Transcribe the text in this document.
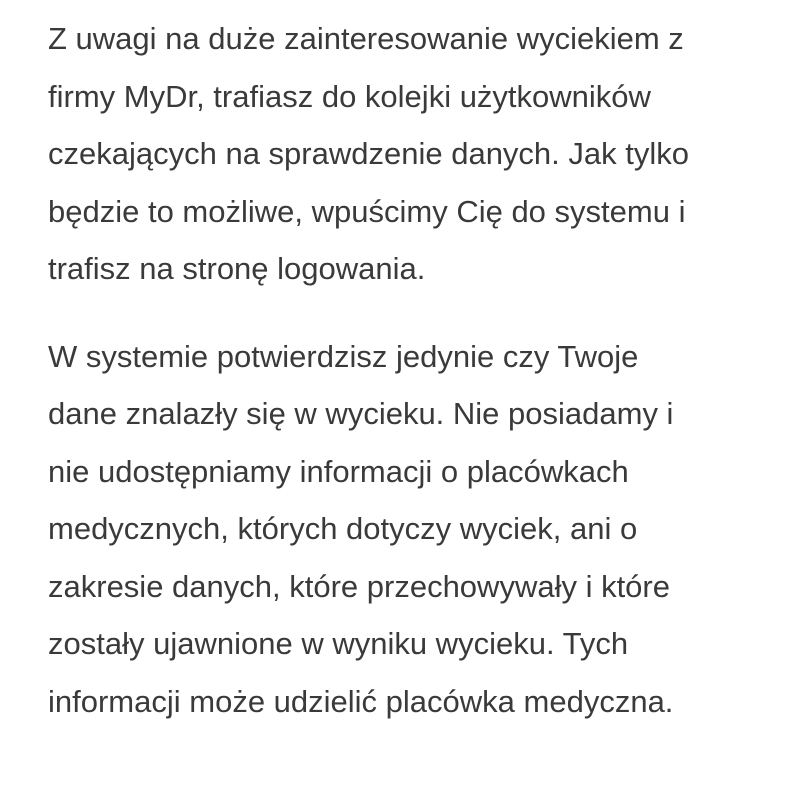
Z uwagi na duże zainteresowanie wyciekiem z
firmy MyDr, trafiasz do kolejki użytkowników
czekających na sprawdzenie danych. Jak tylko
będzie to możliwe, wpuścimy Cię do systemu i
trafisz na stronę logowania.

W systemie potwierdzisz jedynie czy Twoje
dane znalazły się w wycieku. Nie posiadamy i
nie udostępniamy informacji o placówkach
medycznych, których dotyczy wyciek, ani o
zakresie danych, które przechowywały i które
zostały ujawnione w wyniku wycieku. Tych
informacji może udzielić placówka medyczna.
